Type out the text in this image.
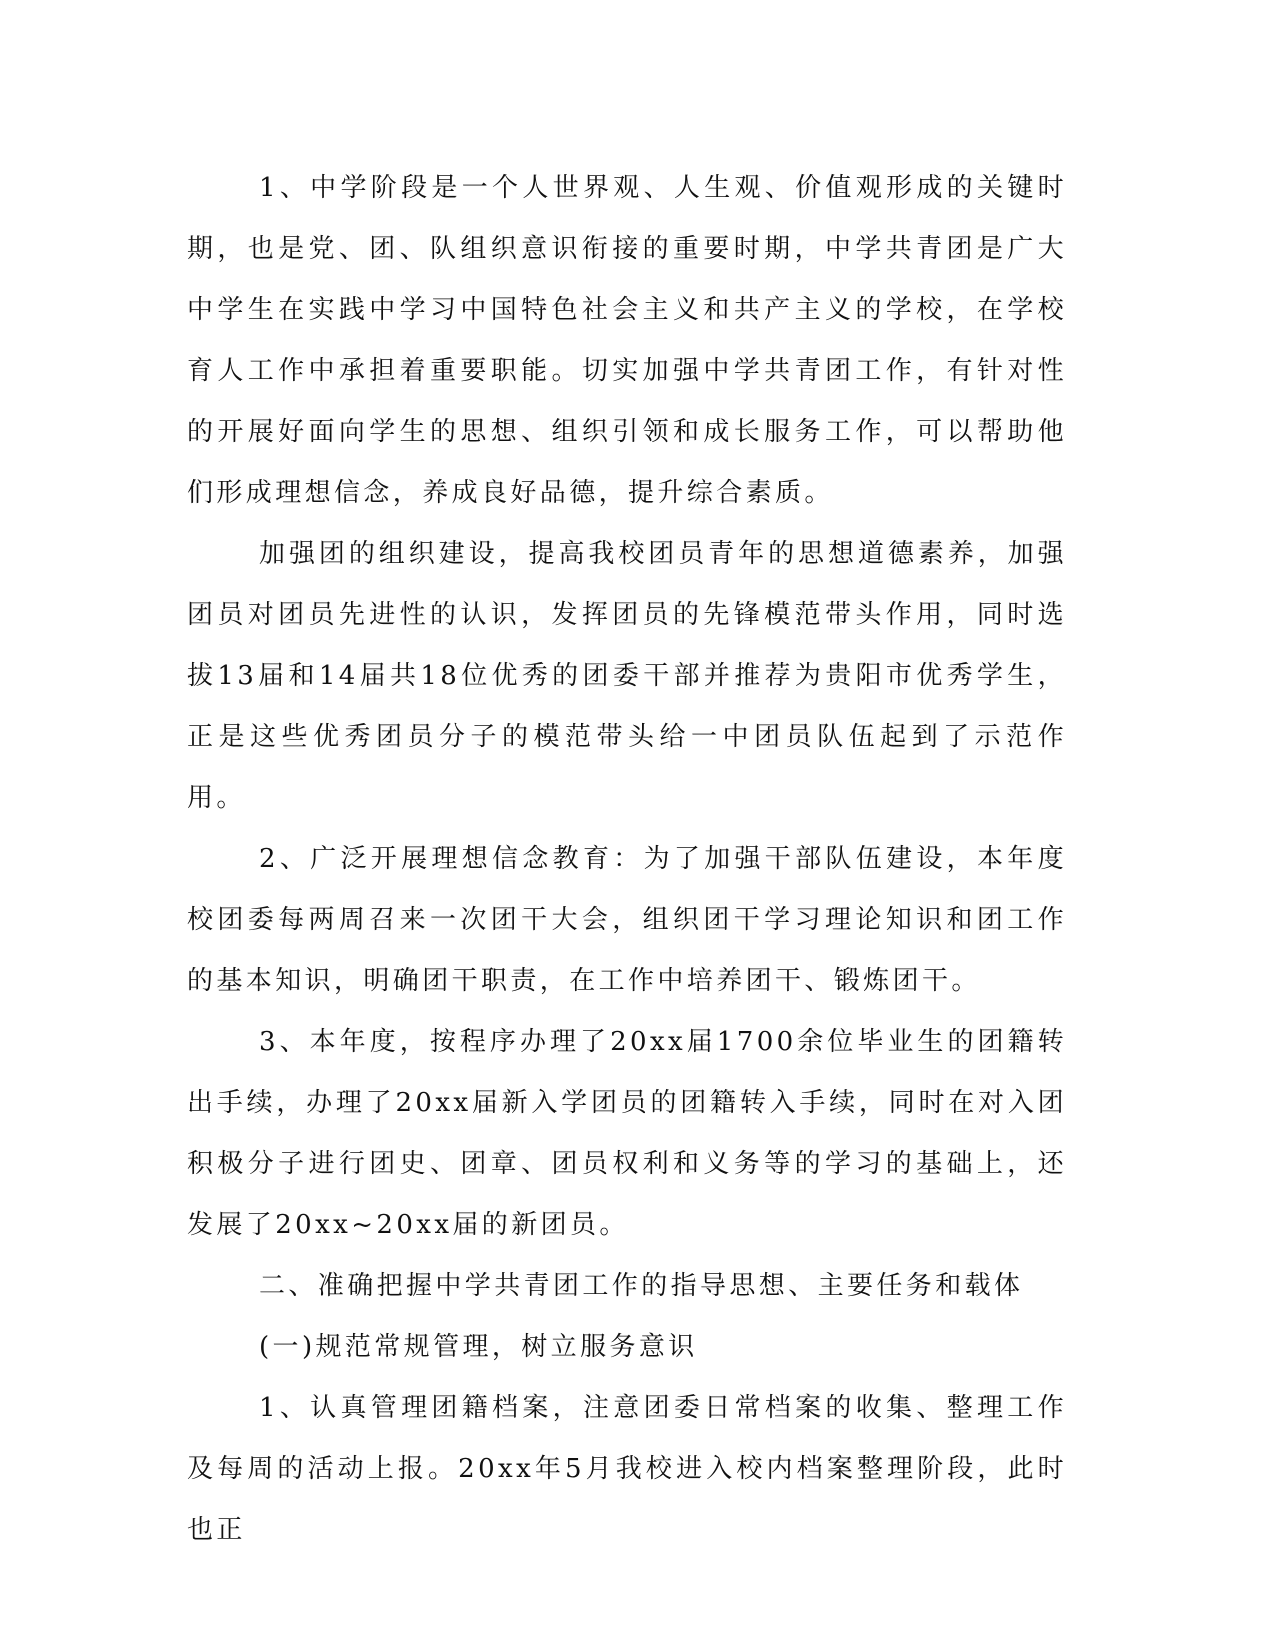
1、中学阶段是一个人世界观、人生观、价值观形成的关键时期，也是党、团、队组织意识衔接的重要时期，中学共青团是广大中学生在实践中学习中国特色社会主义和共产主义的学校，在学校育人工作中承担着重要职能。切实加强中学共青团工作，有针对性的开展好面向学生的思想、组织引领和成长服务工作，可以帮助他们形成理想信念，养成良好品德，提升综合素质。

加强团的组织建设，提高我校团员青年的思想道德素养，加强团员对团员先进性的认识，发挥团员的先锋模范带头作用，同时选拔13届和14届共18位优秀的团委干部并推荐为贵阳市优秀学生，正是这些优秀团员分子的模范带头给一中团员队伍起到了示范作用。

2、广泛开展理想信念教育：为了加强干部队伍建设，本年度校团委每两周召来一次团干大会，组织团干学习理论知识和团工作的基本知识，明确团干职责，在工作中培养团干、锻炼团干。

3、本年度，按程序办理了20xx届1700余位毕业生的团籍转出手续，办理了20xx届新入学团员的团籍转入手续，同时在对入团积极分子进行团史、团章、团员权利和义务等的学习的基础上，还发展了20xx~20xx届的新团员。

二、准确把握中学共青团工作的指导思想、主要任务和载体

(一)规范常规管理，树立服务意识

1、认真管理团籍档案，注意团委日常档案的收集、整理工作及每周的活动上报。20xx年5月我校进入校内档案整理阶段，此时也正
